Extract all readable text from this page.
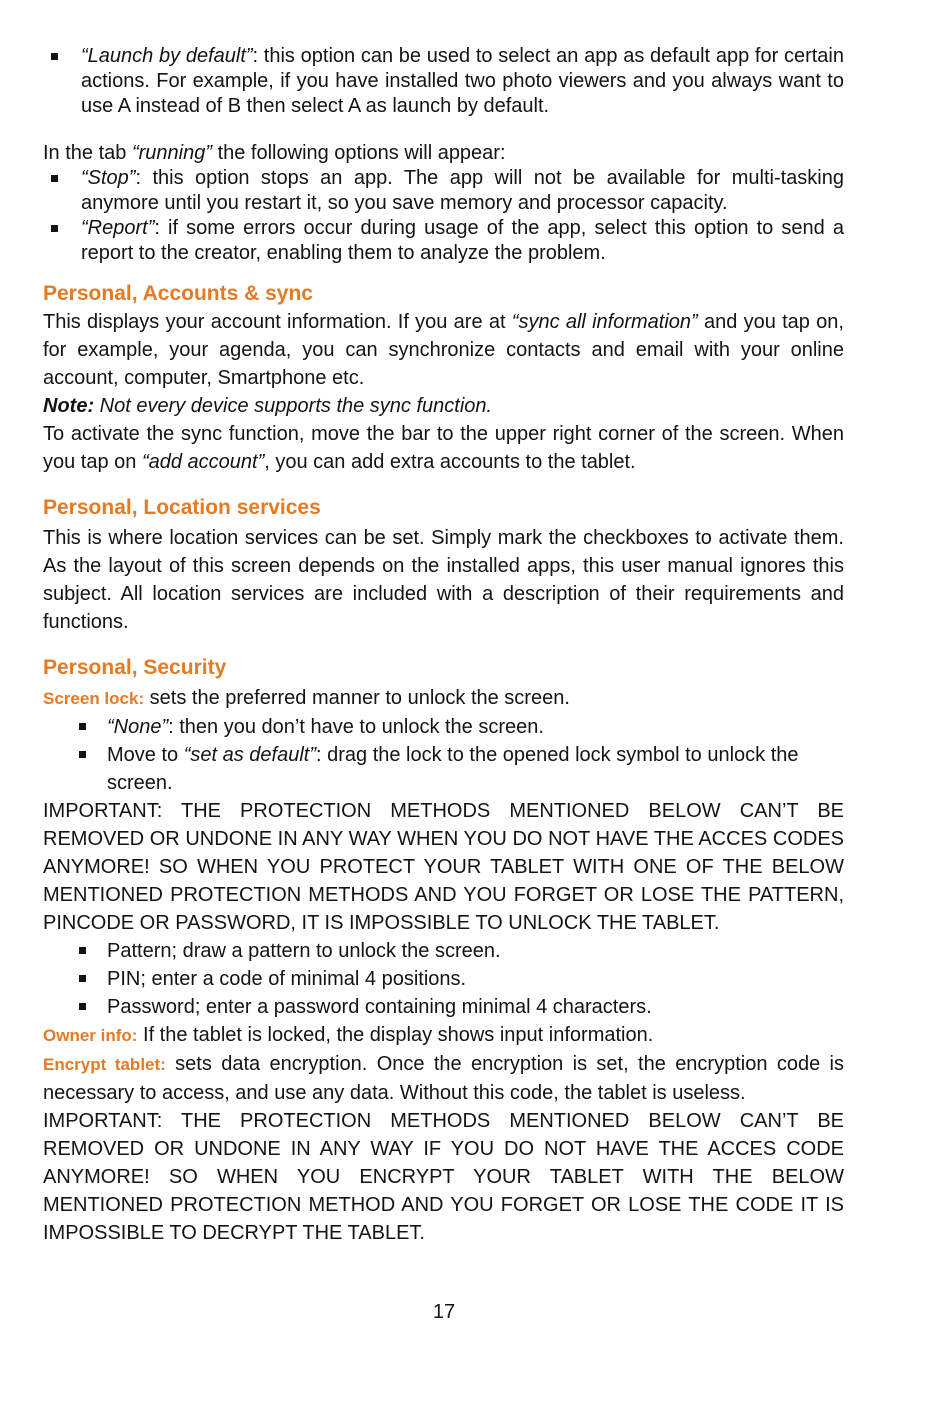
“Launch by default”: this option can be used to select an app as default app for certain actions. For example, if you have installed two photo viewers and you always want to use A instead of B then select A as launch by default.

In the tab “running” the following options will appear:

“Stop”: this option stops an app. The app will not be available for multi-tasking anymore until you restart it, so you save memory and processor capacity.
“Report”: if some errors occur during usage of the app, select this option to send a report to the creator, enabling them to analyze the problem.
Personal, Accounts & sync

This displays your account information. If you are at “sync all information” and you tap on, for example, your agenda, you can synchronize contacts and email with your online account, computer, Smartphone etc.

Note: Not every device supports the sync function.

To activate the sync function, move the bar to the upper right corner of the screen. When you tap on “add account”, you can add extra accounts to the tablet.

Personal, Location services

This is where location services can be set. Simply mark the checkboxes to activate them. As the layout of this screen depends on the installed apps, this user manual ignores this subject. All location services are included with a description of their requirements and functions.

Personal, Security

Screen lock: sets the preferred manner to unlock the screen.

“None”: then you don’t have to unlock the screen.
Move to “set as default”: drag the lock to the opened lock symbol to unlock the screen.

IMPORTANT: THE PROTECTION METHODS MENTIONED BELOW CAN’T BE REMOVED OR UNDONE IN ANY WAY WHEN YOU DO NOT HAVE THE ACCES CODES ANYMORE! SO WHEN YOU PROTECT YOUR TABLET WITH ONE OF THE BELOW MENTIONED PROTECTION METHODS AND YOU FORGET OR LOSE THE PATTERN, PINCODE OR PASSWORD, IT IS IMPOSSIBLE TO UNLOCK THE TABLET.

Pattern; draw a pattern to unlock the screen.
PIN; enter a code of minimal 4 positions.
Password; enter a password containing minimal 4 characters.

Owner info: If the tablet is locked, the display shows input information.

Encrypt tablet: sets data encryption. Once the encryption is set, the encryption code is necessary to access, and use any data. Without this code, the tablet is useless.

IMPORTANT: THE PROTECTION METHODS MENTIONED BELOW CAN’T BE REMOVED OR UNDONE IN ANY WAY IF YOU DO NOT HAVE THE ACCES CODE ANYMORE! SO WHEN YOU ENCRYPT YOUR TABLET WITH THE BELOW MENTIONED PROTECTION METHOD AND YOU FORGET OR LOSE THE CODE IT IS IMPOSSIBLE TO DECRYPT THE TABLET.

17
